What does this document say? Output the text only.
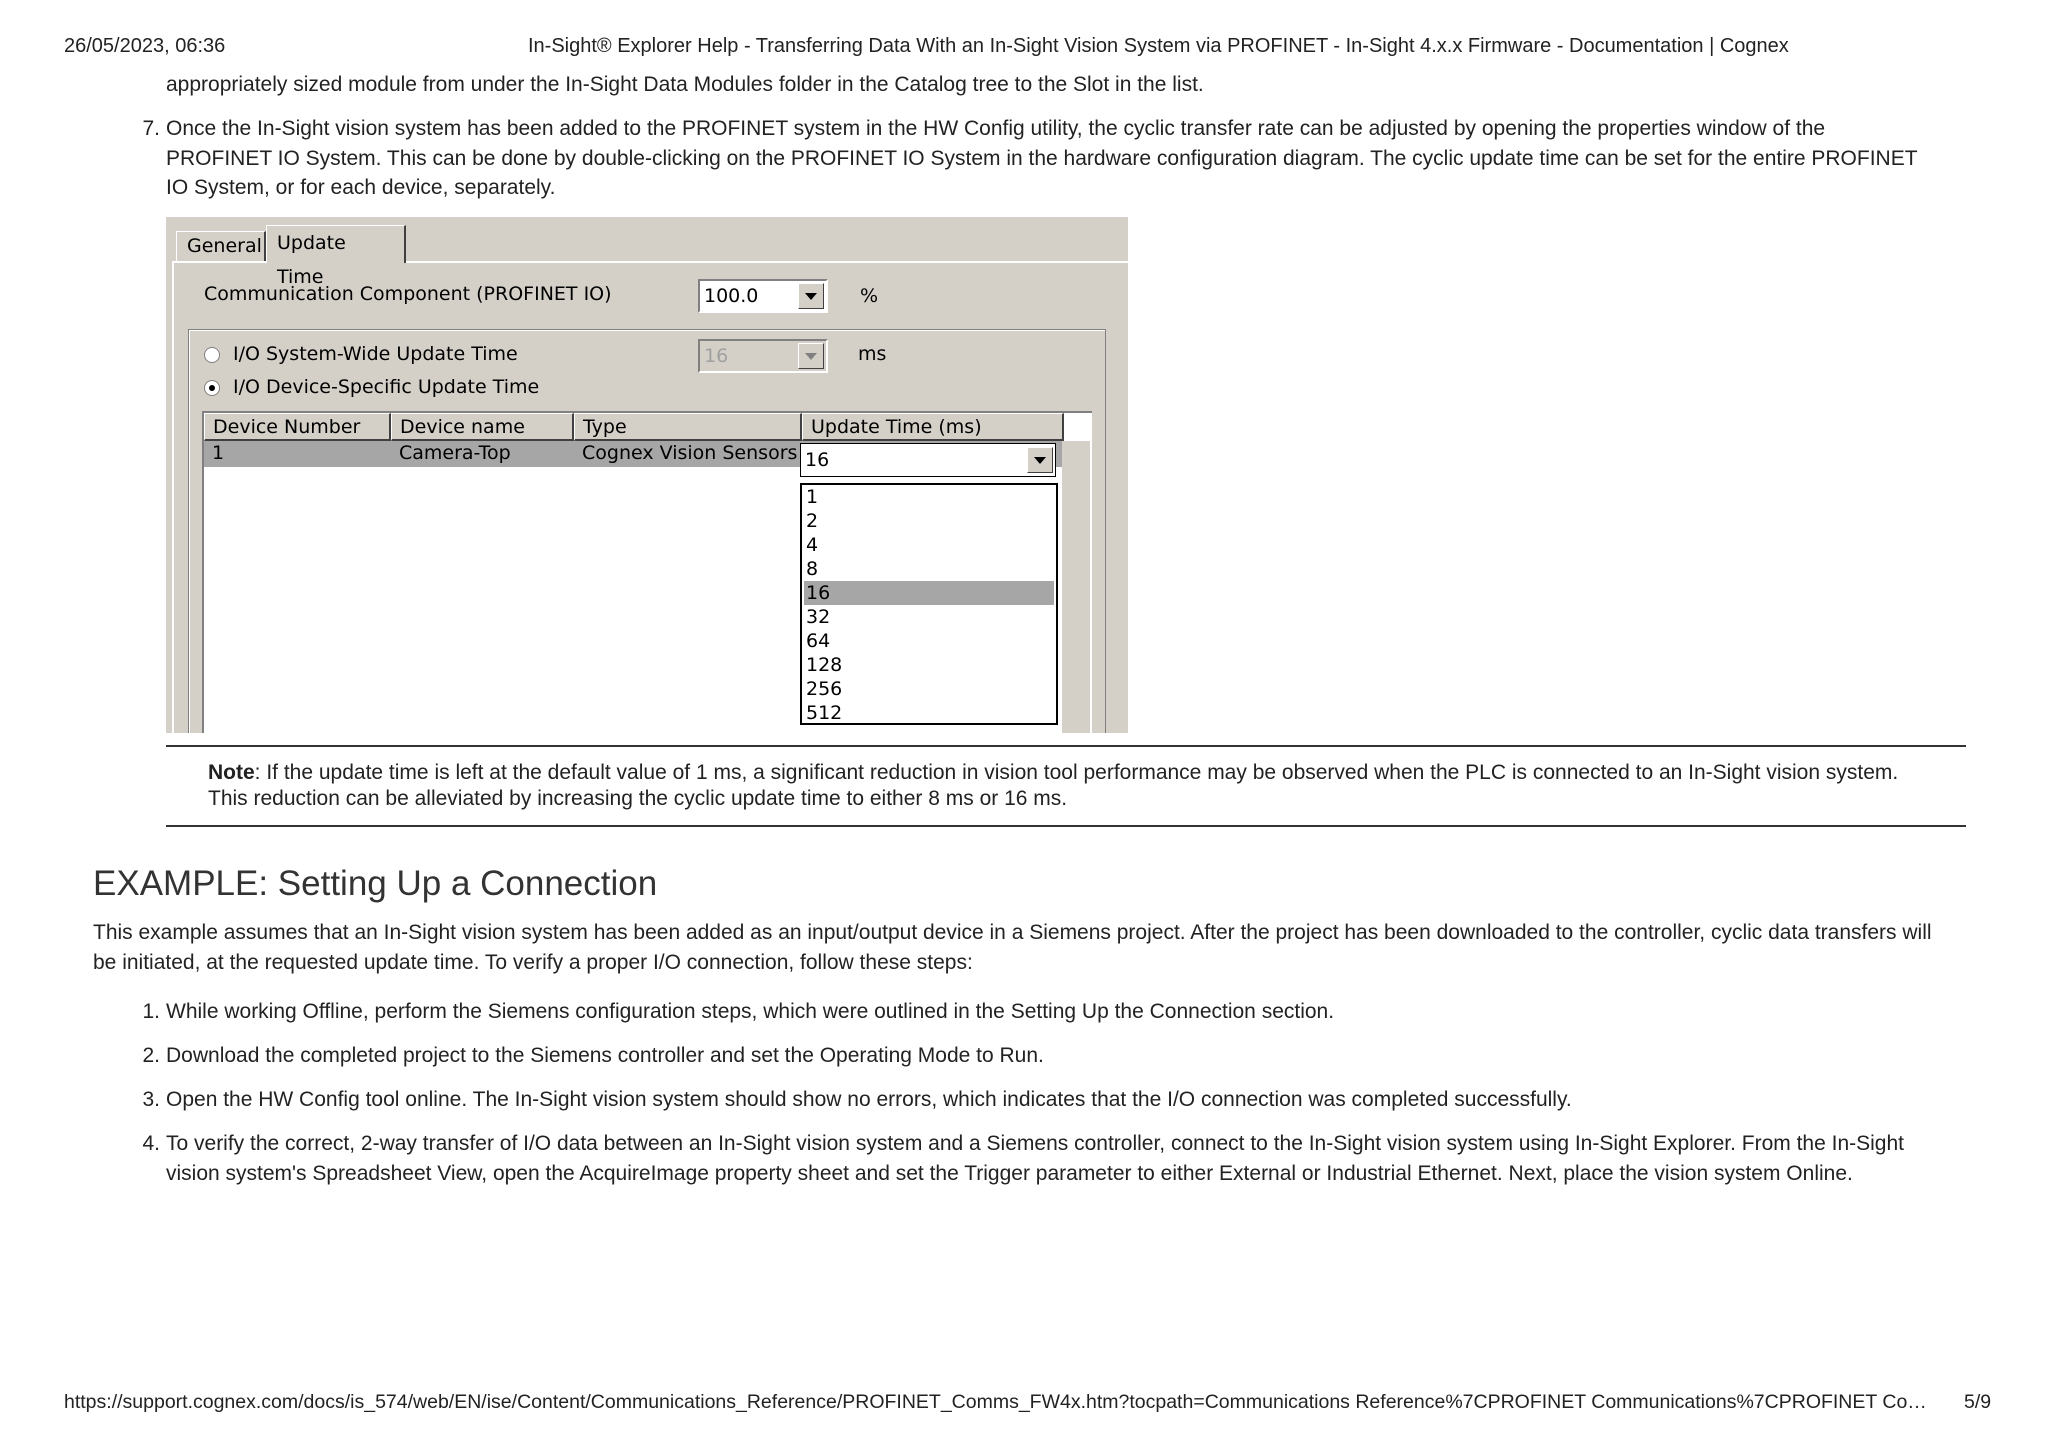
26/05/2023, 06:36	In-Sight® Explorer Help - Transferring Data With an In-Sight Vision System via PROFINET - In-Sight 4.x.x Firmware - Documentation | Cognex

appropriately sized module from under the In-Sight Data Modules folder in the Catalog tree to the Slot in the list.

7. Once the In-Sight vision system has been added to the PROFINET system in the HW Config utility, the cyclic transfer rate can be adjusted by opening the properties window of the PROFINET IO System. This can be done by double-clicking on the PROFINET IO System in the hardware configuration diagram. The cyclic update time can be set for the entire PROFINET IO System, or for each device, separately.

General Update Time
Communication Component (PROFINET IO)	100.0	%
I/O System-Wide Update Time
I/O Device-Specific Update Time
16	ms
Device Number	Device name	Type	Update Time (ms)
1	Camera-Top	Cognex Vision Sensors 16
1
2
4
8
16
32
64
128
256
512
Note: If the update time is left at the default value of 1 ms, a significant reduction in vision tool performance may be observed when the PLC is connected to an In-Sight vision system. This reduction can be alleviated by increasing the cyclic update time to either 8 ms or 16 ms.
EXAMPLE: Setting Up a Connection

This example assumes that an In-Sight vision system has been added as an input/output device in a Siemens project. After the project has been downloaded to the controller, cyclic data transfers will be initiated, at the requested update time. To verify a proper I/O connection, follow these steps:

1. While working Offline, perform the Siemens configuration steps, which were outlined in the Setting Up the Connection section.

2. Download the completed project to the Siemens controller and set the Operating Mode to Run.

3. Open the HW Config tool online. The In-Sight vision system should show no errors, which indicates that the I/O connection was completed successfully.

4. To verify the correct, 2-way transfer of I/O data between an In-Sight vision system and a Siemens controller, connect to the In-Sight vision system using In-Sight Explorer. From the In-Sight vision system's Spreadsheet View, open the AcquireImage property sheet and set the Trigger parameter to either External or Industrial Ethernet. Next, place the vision system Online.

https://support.cognex.com/docs/is_574/web/EN/ise/Content/Communications_Reference/PROFINET_Comms_FW4x.htm?tocpath=Communications Reference%7CPROFINET Communications%7CPROFINET Co… 5/9
